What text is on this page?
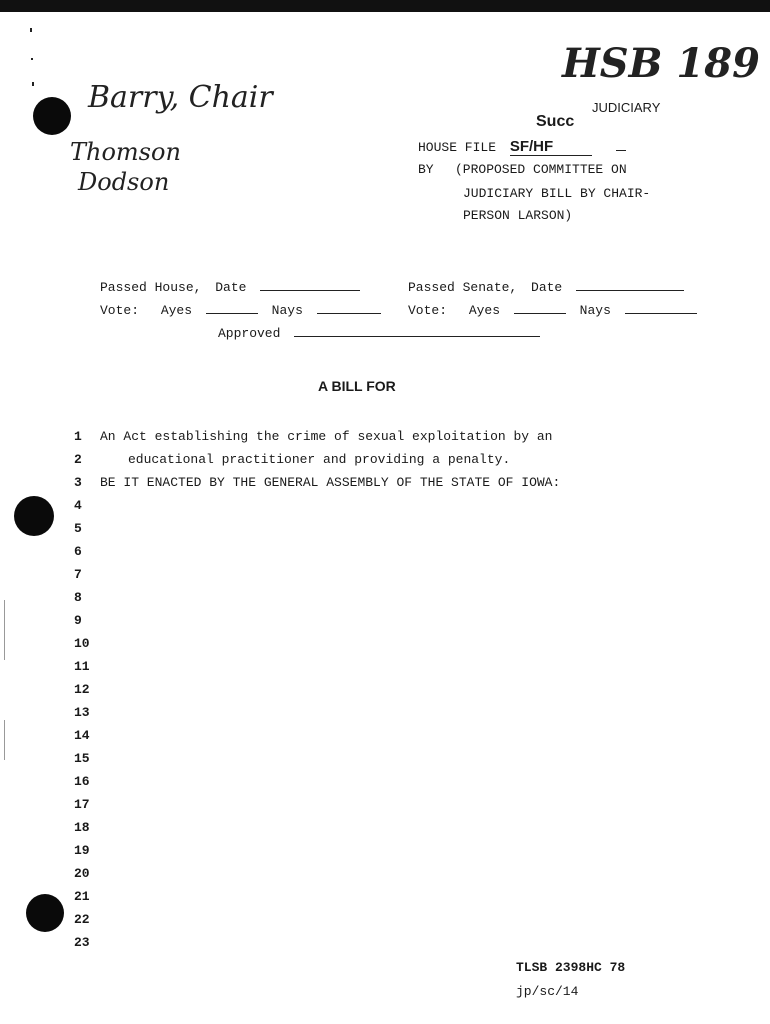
HSB 189
Barry, Chair
Thomson
Dodson
JUDICIARY
Succ
HOUSE FILE SF/HF
BY (PROPOSED COMMITTEE ON
JUDICIARY BILL BY CHAIR-
PERSON LARSON)
Passed House, Date	Passed Senate, Date
Vote: Ayes	Nays	Vote: Ayes	Nays
Approved
A BILL FOR
1 An Act establishing the crime of sexual exploitation by an
2	educational practitioner and providing a penalty.
3 BE IT ENACTED BY THE GENERAL ASSEMBLY OF THE STATE OF IOWA:
4
5
6
7
8
9
10
11
12
13
14
15
16
17
18
19
20
21
22
23
TLSB 2398HC 78
jp/sc/14
